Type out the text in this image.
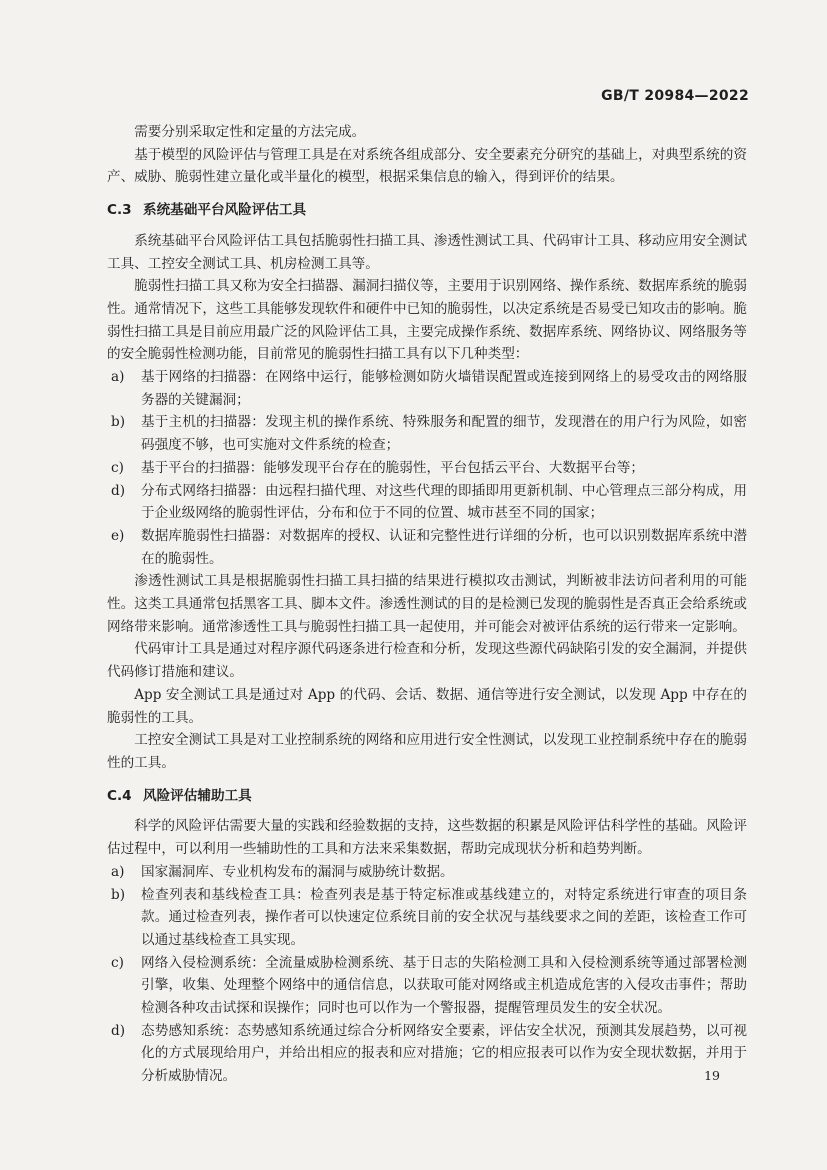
GB/T 20984—2022

需要分别采取定性和定量的方法完成。

基于模型的风险评估与管理工具是在对系统各组成部分、安全要素充分研究的基础上，对典型系统的资产、威胁、脆弱性建立量化或半量化的模型，根据采集信息的输入，得到评价的结果。

C.3 系统基础平台风险评估工具

系统基础平台风险评估工具包括脆弱性扫描工具、渗透性测试工具、代码审计工具、移动应用安全测试工具、工控安全测试工具、机房检测工具等。

脆弱性扫描工具又称为安全扫描器、漏洞扫描仪等，主要用于识别网络、操作系统、数据库系统的脆弱性。通常情况下，这些工具能够发现软件和硬件中已知的脆弱性，以决定系统是否易受已知攻击的影响。脆弱性扫描工具是目前应用最广泛的风险评估工具，主要完成操作系统、数据库系统、网络协议、网络服务等的安全脆弱性检测功能，目前常见的脆弱性扫描工具有以下几种类型：

a)	基于网络的扫描器：在网络中运行，能够检测如防火墙错误配置或连接到网络上的易受攻击的网络服务器的关键漏洞；
b)	基于主机的扫描器：发现主机的操作系统、特殊服务和配置的细节，发现潜在的用户行为风险，如密码强度不够，也可实施对文件系统的检查；
c)	基于平台的扫描器：能够发现平台存在的脆弱性，平台包括云平台、大数据平台等；
d)	分布式网络扫描器：由远程扫描代理、对这些代理的即插即用更新机制、中心管理点三部分构成，用于企业级网络的脆弱性评估，分布和位于不同的位置、城市甚至不同的国家；
e)	数据库脆弱性扫描器：对数据库的授权、认证和完整性进行详细的分析，也可以识别数据库系统中潜在的脆弱性。

渗透性测试工具是根据脆弱性扫描工具扫描的结果进行模拟攻击测试，判断被非法访问者利用的可能性。这类工具通常包括黑客工具、脚本文件。渗透性测试的目的是检测已发现的脆弱性是否真正会给系统或网络带来影响。通常渗透性工具与脆弱性扫描工具一起使用，并可能会对被评估系统的运行带来一定影响。

代码审计工具是通过对程序源代码逐条进行检查和分析，发现这些源代码缺陷引发的安全漏洞，并提供代码修订措施和建议。

App 安全测试工具是通过对 App 的代码、会话、数据、通信等进行安全测试，以发现 App 中存在的脆弱性的工具。

工控安全测试工具是对工业控制系统的网络和应用进行安全性测试，以发现工业控制系统中存在的脆弱性的工具。

C.4 风险评估辅助工具

科学的风险评估需要大量的实践和经验数据的支持，这些数据的积累是风险评估科学性的基础。风险评估过程中，可以利用一些辅助性的工具和方法来采集数据，帮助完成现状分析和趋势判断。

a)	国家漏洞库、专业机构发布的漏洞与威胁统计数据。
b)	检查列表和基线检查工具：检查列表是基于特定标准或基线建立的，对特定系统进行审查的项目条款。通过检查列表，操作者可以快速定位系统目前的安全状况与基线要求之间的差距，该检查工作可以通过基线检查工具实现。
c)	网络入侵检测系统：全流量威胁检测系统、基于日志的失陷检测工具和入侵检测系统等通过部署检测引擎，收集、处理整个网络中的通信信息，以获取可能对网络或主机造成危害的入侵攻击事件；帮助检测各种攻击试探和误操作；同时也可以作为一个警报器，提醒管理员发生的安全状况。
d)	态势感知系统：态势感知系统通过综合分析网络安全要素，评估安全状况，预测其发展趋势，以可视化的方式展现给用户，并给出相应的报表和应对措施；它的相应报表可以作为安全现状数据，并用于分析威胁情况。	19
